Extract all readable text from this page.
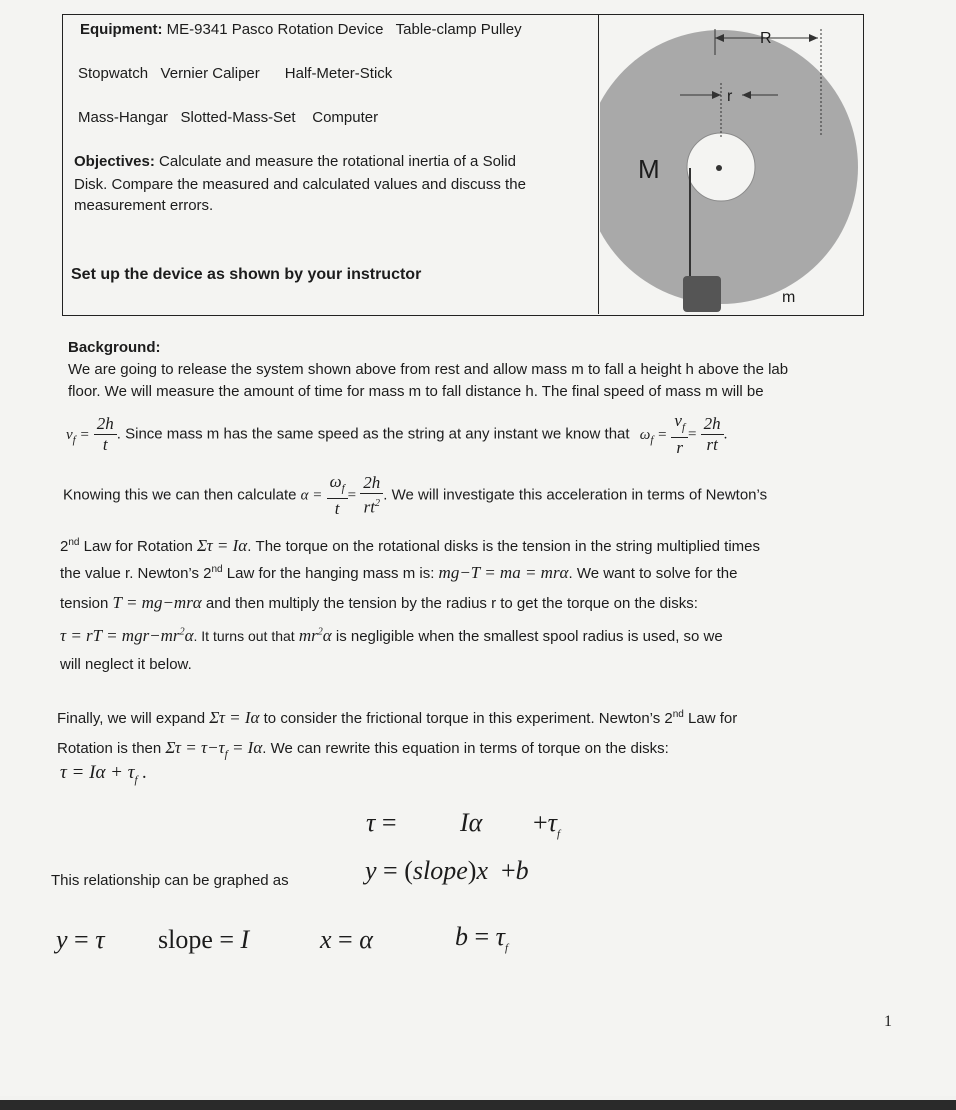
Equipment: ME-9341 Pasco Rotation Device   Table-clamp Pulley
Stopwatch   Vernier Caliper      Half-Meter-Stick
Mass-Hangar   Slotted-Mass-Set    Computer
Objectives: Calculate and measure the rotational inertia of a Solid
Disk. Compare the measured and calculated values and discuss the
measurement errors.
Set up the device as shown by your instructor
r
R
M
m
Background:
We are going to release the system shown above from rest and allow mass m to fall a height h above the lab
floor. We will measure the amount of time for mass m to fall distance h. The final speed of mass m will be
$v_f = \frac{2h}{t}$ . Since mass m has the same speed as the string at any instant we know that $\omega_f = \frac{v_f}{r} = \frac{2h}{rt}$ .
Knowing this we can then calculate $\alpha = \frac{\omega_f}{t} = \frac{2h}{rt^2}$ . We will investigate this acceleration in terms of Newton’s
2nd Law for Rotation Στ = Iα. The torque on the rotational disks is the tension in the string multiplied times
the value r. Newton’s 2nd Law for the hanging mass m is: mg−T = ma = mrα. We want to solve for the
tension T = mg−mrα and then multiply the tension by the radius r to get the torque on the disks:
τ = rT = $mgr-mr^2\alpha$. It turns out that $mr^2\alpha$ is negligible when the smallest spool radius is used, so we
will neglect it below.
Finally, we will expand Στ = Iα to consider the frictional torque in this experiment. Newton’s 2nd Law for
Rotation is then $\Sigma\tau = \tau-\tau_f = I\alpha$. We can rewrite this equation in terms of torque on the disks:
$\tau = I\alpha + \tau_f$ .
$\tau = I\alpha +\tau_f$
This relationship can be graphed as	y = (slope)x  +b
y = τ slope = I	x = α	$b = \tau_f$
1
